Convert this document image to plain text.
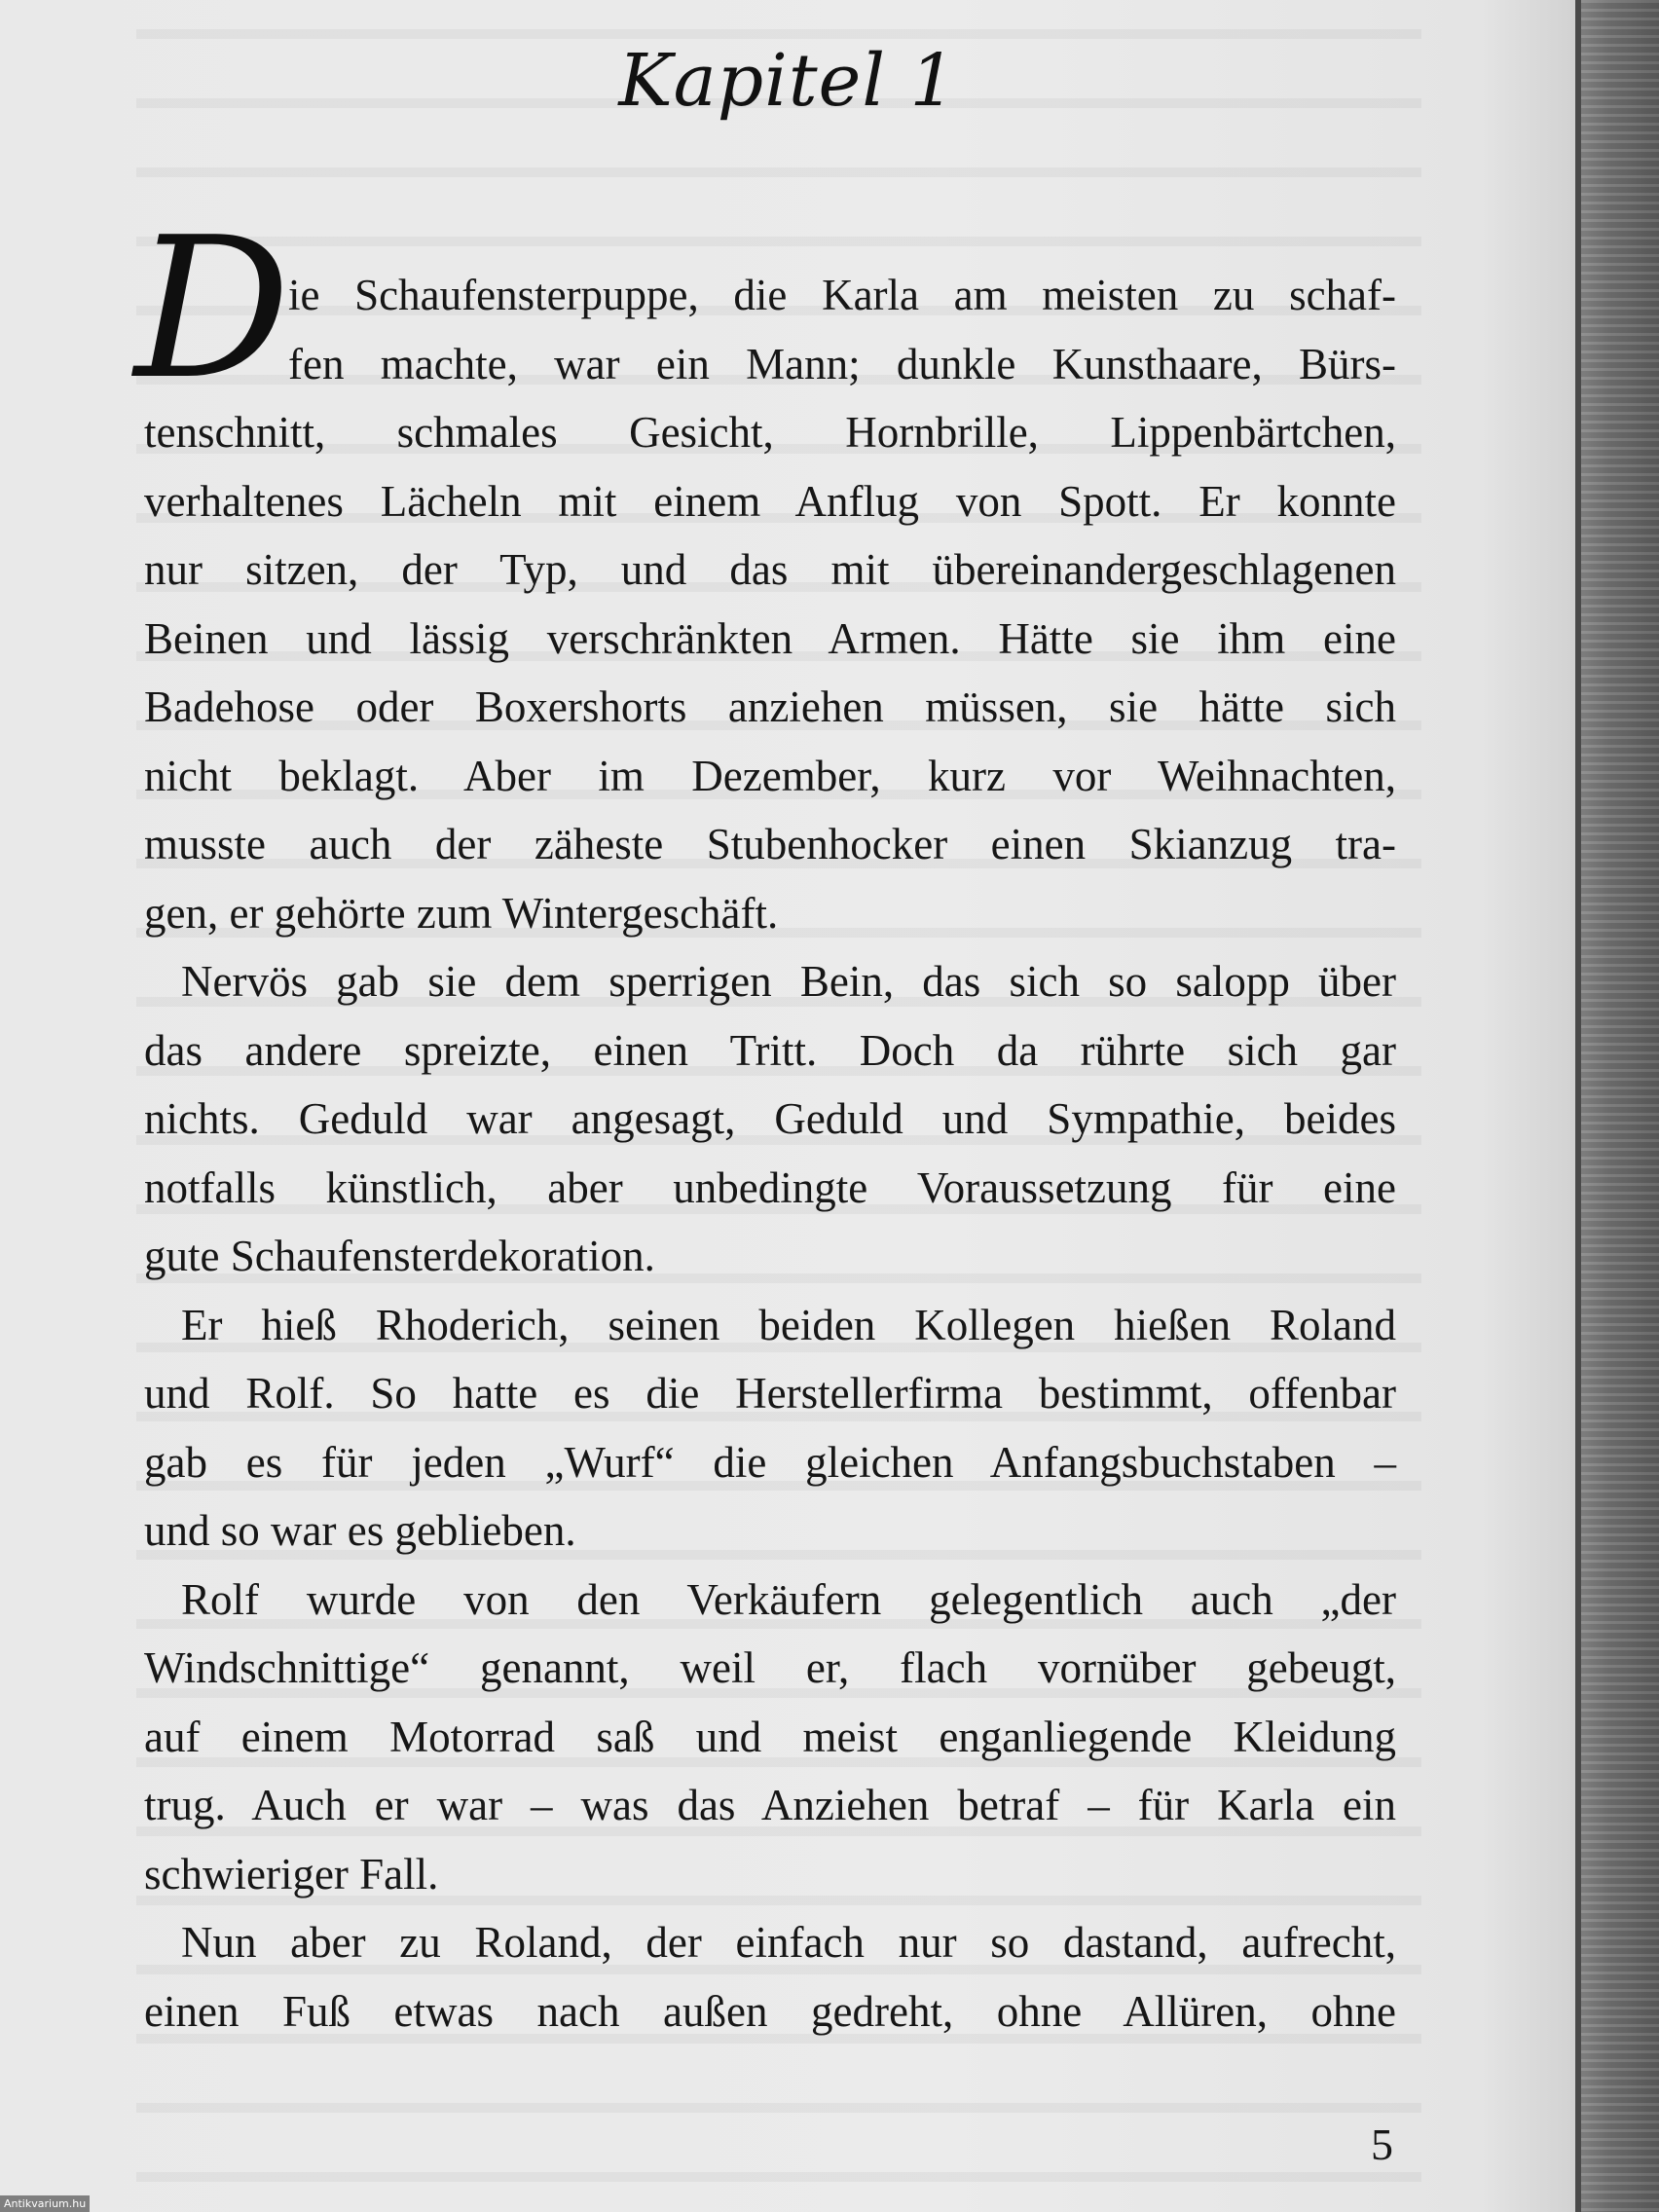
Kapitel 1
D
ie Schaufensterpuppe, die Karla am meisten zu schaf-
fen machte, war ein Mann; dunkle Kunsthaare, Bürs-
tenschnitt, schmales Gesicht, Hornbrille, Lippenbärtchen,
verhaltenes Lächeln mit einem Anflug von Spott. Er konnte
nur sitzen, der Typ, und das mit übereinandergeschlagenen
Beinen und lässig verschränkten Armen. Hätte sie ihm eine
Badehose oder Boxershorts anziehen müssen, sie hätte sich
nicht beklagt. Aber im Dezember, kurz vor Weihnachten,
musste auch der zäheste Stubenhocker einen Skianzug tra-
gen, er gehörte zum Wintergeschäft.
Nervös gab sie dem sperrigen Bein, das sich so salopp über
das andere spreizte, einen Tritt. Doch da rührte sich gar
nichts. Geduld war angesagt, Geduld und Sympathie, beides
notfalls künstlich, aber unbedingte Voraussetzung für eine
gute Schaufensterdekoration.
Er hieß Rhoderich, seinen beiden Kollegen hießen Roland
und Rolf. So hatte es die Herstellerfirma bestimmt, offenbar
gab es für jeden „Wurf“ die gleichen Anfangsbuchstaben –
und so war es geblieben.
Rolf wurde von den Verkäufern gelegentlich auch „der
Windschnittige“ genannt, weil er, flach vornüber gebeugt,
auf einem Motorrad saß und meist enganliegende Kleidung
trug. Auch er war – was das Anziehen betraf – für Karla ein
schwieriger Fall.
Nun aber zu Roland, der einfach nur so dastand, aufrecht,
einen Fuß etwas nach außen gedreht, ohne Allüren, ohne
5
Antikvarium.hu
